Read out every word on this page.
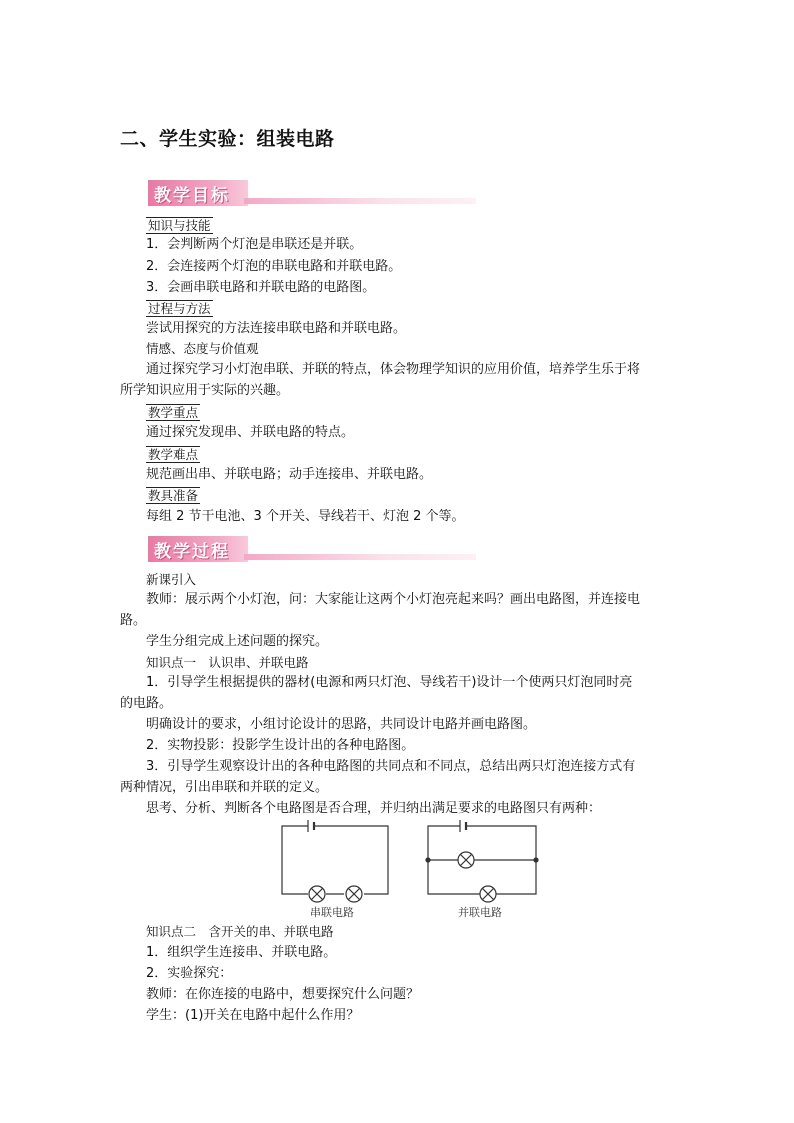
二、学生实验：组装电路
教学目标
知识与技能
1．会判断两个灯泡是串联还是并联。
2．会连接两个灯泡的串联电路和并联电路。
3．会画串联电路和并联电路的电路图。
过程与方法
尝试用探究的方法连接串联电路和并联电路。
情感、态度与价值观
通过探究学习小灯泡串联、并联的特点，体会物理学知识的应用价值，培养学生乐于将
所学知识应用于实际的兴趣。
教学重点
通过探究发现串、并联电路的特点。
教学难点
规范画出串、并联电路；动手连接串、并联电路。
教具准备
每组 2 节干电池、3 个开关、导线若干、灯泡 2 个等。
教学过程
新课引入
教师：展示两个小灯泡，问：大家能让这两个小灯泡亮起来吗？画出电路图，并连接电
路。
学生分组完成上述问题的探究。
知识点一　认识串、并联电路
1．引导学生根据提供的器材(电源和两只灯泡、导线若干)设计一个使两只灯泡同时亮
的电路。
明确设计的要求，小组讨论设计的思路，共同设计电路并画电路图。
2．实物投影：投影学生设计出的各种电路图。
3．引导学生观察设计出的各种电路图的共同点和不同点，总结出两只灯泡连接方式有
两种情况，引出串联和并联的定义。
思考、分析、判断各个电路图是否合理，并归纳出满足要求的电路图只有两种：
串联电路	并联电路
知识点二　含开关的串、并联电路
1．组织学生连接串、并联电路。
2．实验探究：
教师：在你连接的电路中，想要探究什么问题？
学生：(1)开关在电路中起什么作用？
